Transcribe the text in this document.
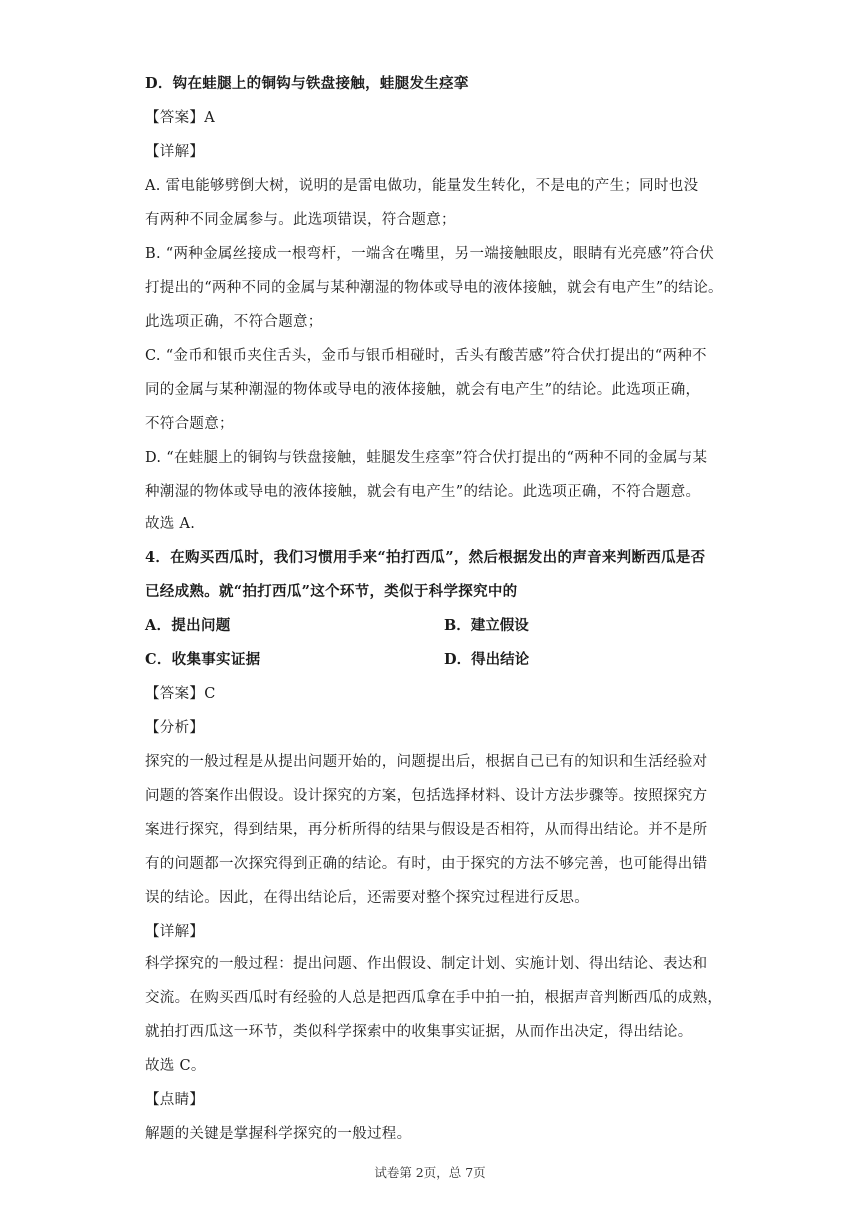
D．钩在蛙腿上的铜钩与铁盘接触，蛙腿发生痉挛
【答案】A
【详解】
A. 雷电能够劈倒大树，说明的是雷电做功，能量发生转化，不是电的产生；同时也没
有两种不同金属参与。此选项错误，符合题意；
B. “两种金属丝接成一根弯杆，一端含在嘴里，另一端接触眼皮，眼睛有光亮感”符合伏
打提出的“两种不同的金属与某种潮湿的物体或导电的液体接触，就会有电产生”的结论。
此选项正确，不符合题意；
C. “金币和银币夹住舌头，金币与银币相碰时，舌头有酸苦感”符合伏打提出的“两种不
同的金属与某种潮湿的物体或导电的液体接触，就会有电产生”的结论。此选项正确，
不符合题意；
D. “在蛙腿上的铜钩与铁盘接触，蛙腿发生痉挛”符合伏打提出的“两种不同的金属与某
种潮湿的物体或导电的液体接触，就会有电产生”的结论。此选项正确，不符合题意。
故选 A.
4．在购买西瓜时，我们习惯用手来“拍打西瓜”，然后根据发出的声音来判断西瓜是否
已经成熟。就“拍打西瓜”这个环节，类似于科学探究中的
A．提出问题	B．建立假设
C．收集事实证据	D．得出结论
【答案】C
【分析】
探究的一般过程是从提出问题开始的，问题提出后，根据自己已有的知识和生活经验对
问题的答案作出假设。设计探究的方案，包括选择材料、设计方法步骤等。按照探究方
案进行探究，得到结果，再分析所得的结果与假设是否相符，从而得出结论。并不是所
有的问题都一次探究得到正确的结论。有时，由于探究的方法不够完善，也可能得出错
误的结论。因此，在得出结论后，还需要对整个探究过程进行反思。
【详解】
科学探究的一般过程：提出问题、作出假设、制定计划、实施计划、得出结论、表达和
交流。在购买西瓜时有经验的人总是把西瓜拿在手中拍一拍，根据声音判断西瓜的成熟，
就拍打西瓜这一环节，类似科学探索中的收集事实证据，从而作出决定，得出结论。
故选 C。
【点睛】
解题的关键是掌握科学探究的一般过程。
试卷第 2页，总 7页
